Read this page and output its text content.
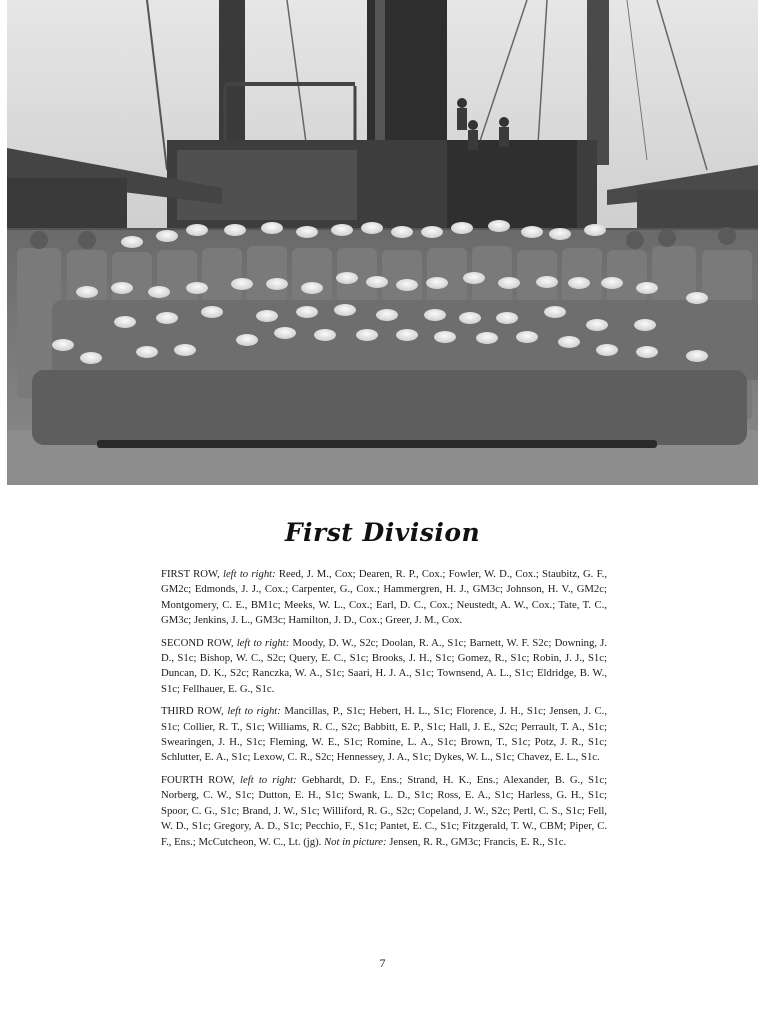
First Division

FIRST ROW, left to right: Reed, J. M., Cox; Dearen, R. P., Cox.; Fowler, W. D., Cox.; Staubitz, G. F., GM2c; Edmonds, J. J., Cox.; Carpenter, G., Cox.; Hammergren, H. J., GM3c; Johnson, H. V., GM2c; Montgomery, C. E., BM1c; Meeks, W. L., Cox.; Earl, D. C., Cox.; Neustedt, A. W., Cox.; Tate, T. C., GM3c; Jenkins, J. L., GM3c; Hamilton, J. D., Cox.; Greer, J. M., Cox.

SECOND ROW, left to right: Moody, D. W., S2c; Doolan, R. A., S1c; Barnett, W. F. S2c; Downing, J. D., S1c; Bishop, W. C., S2c; Query, E. C., S1c; Brooks, J. H., S1c; Gomez, R., S1c; Robin, J. J., S1c; Duncan, D. K., S2c; Ranczka, W. A., S1c; Saari, H. J. A., S1c; Townsend, A. L., S1c; Eldridge, B. W., S1c; Fellhauer, E. G., S1c.

THIRD ROW, left to right: Mancillas, P., S1c; Hebert, H. L., S1c; Florence, J. H., S1c; Jensen, J. C., S1c; Collier, R. T., S1c; Williams, R. C., S2c; Babbitt, E. P., S1c; Hall, J. E., S2c; Perrault, T. A., S1c; Swearingen, J. H., S1c; Fleming, W. E., S1c; Romine, L. A., S1c; Brown, T., S1c; Potz, J. R., S1c; Schlutter, E. A., S1c; Lexow, C. R., S2c; Hennessey, J. A., S1c; Dykes, W. L., S1c; Chavez, E. L., S1c.

FOURTH ROW, left to right: Gebhardt, D. F., Ens.; Strand, H. K., Ens.; Alexander, B. G., S1c; Norberg, C. W., S1c; Dutton, E. H., S1c; Swank, L. D., S1c; Ross, E. A., S1c; Harless, G. H., S1c; Spoor, C. G., S1c; Brand, J. W., S1c; Williford, R. G., S2c; Copeland, J. W., S2c; Pertl, C. S., S1c; Fell, W. D., S1c; Gregory, A. D., S1c; Pecchio, F., S1c; Pantet, E. C., S1c; Fitzgerald, T. W., CBM; Piper, C. F., Ens.; McCutcheon, W. C., Lt. (jg). Not in picture: Jensen, R. R., GM3c; Francis, E. R., S1c.

7
